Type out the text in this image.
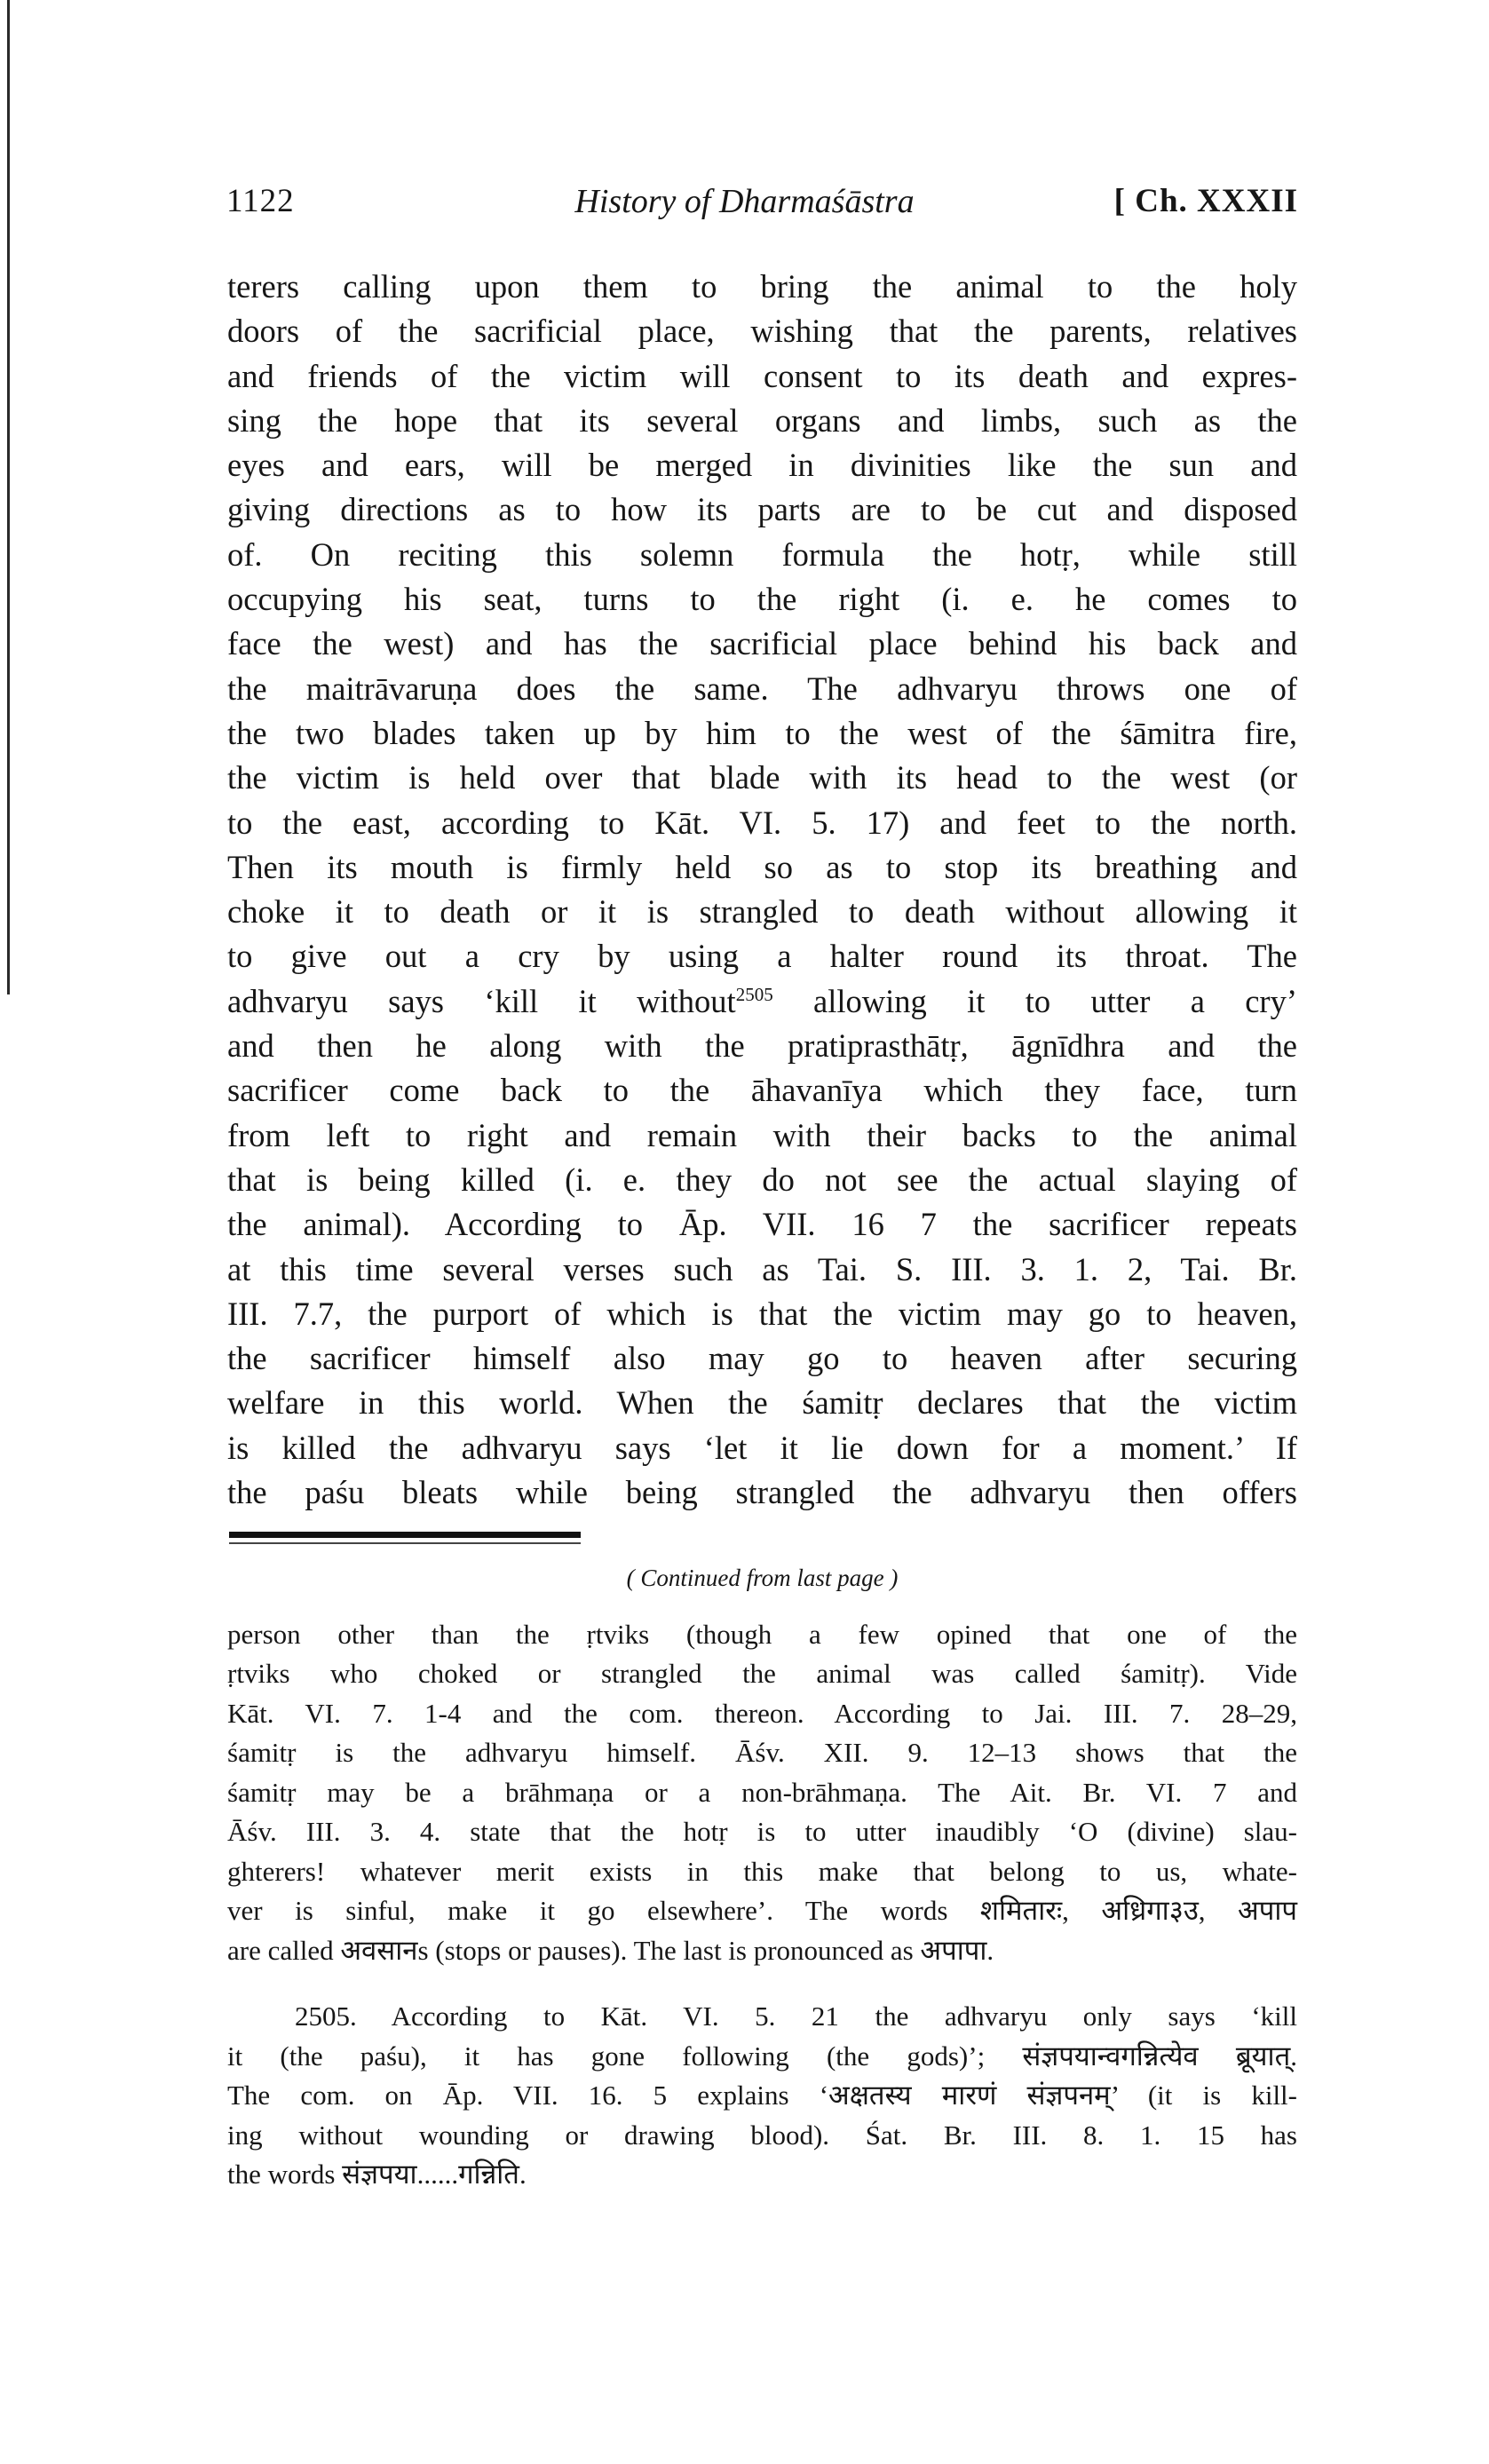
1122	History of Dharmaśāstra	[ Ch. XXXII
terers calling upon them to bring the animal to the holy
doors of the sacrificial place, wishing that the parents, relatives
and friends of the victim will consent to its death and expres-
sing the hope that its several organs and limbs, such as the
eyes and ears, will be merged in divinities like the sun and
giving directions as to how its parts are to be cut and disposed
of. On reciting this solemn formula the hotṛ, while still
occupying his seat, turns to the right (i. e. he comes to
face the west) and has the sacrificial place behind his back and
the maitrāvaruṇa does the same. The adhvaryu throws one of
the two blades taken up by him to the west of the śāmitra fire,
the victim is held over that blade with its head to the west (or
to the east, according to Kāt. VI. 5. 17) and feet to the north.
Then its mouth is firmly held so as to stop its breathing and
choke it to death or it is strangled to death without allowing it
to give out a cry by using a halter round its throat. The
adhvaryu says ‘kill it without$^{2505}$ allowing it to utter a cry’
and then he along with the pratiprasthātṛ, āgnīdhra and the
sacrificer come back to the āhavanīya which they face, turn
from left to right and remain with their backs to the animal
that is being killed (i. e. they do not see the actual slaying of
the animal). According to Āp. VII. 16 7 the sacrificer repeats
at this time several verses such as Tai. S. III. 3. 1. 2, Tai. Br.
III. 7.7, the purport of which is that the victim may go to heaven,
the sacrificer himself also may go to heaven after securing
welfare in this world. When the śamitṛ declares that the victim
is killed the adhvaryu says ‘let it lie down for a moment.’ If
the paśu bleats while being strangled the adhvaryu then offers
( Continued from last page )
person other than the ṛtviks (though a few opined that one of the
ṛtviks who choked or strangled the animal was called śamitṛ). Vide
Kāt. VI. 7. 1-4 and the com. thereon. According to Jai. III. 7. 28–29,
śamitṛ is the adhvaryu himself. Āśv. XII. 9. 12–13 shows that the
śamitṛ may be a brāhmaṇa or a non-brāhmaṇa. The Ait. Br. VI. 7 and
Āśv. III. 3. 4. state that the hotṛ is to utter inaudibly ‘O (divine) slau-
ghterers! whatever merit exists in this make that belong to us, whate-
ver is sinful, make it go elsewhere’. The words शमितारः, अध्रिगा३उ, अपाप
are called अवसानs (stops or pauses). The last is pronounced as अपापा.
2505. According to Kāt. VI. 5. 21 the adhvaryu only says ‘kill
it (the paśu), it has gone following (the gods)’; संज्ञपयान्वगन्नित्येव ब्रूयात्.
The com. on Āp. VII. 16. 5 explains ‘अक्षतस्य मारणं संज्ञपनम्’ (it is kill-
ing without wounding or drawing blood). Śat. Br. III. 8. 1. 15 has
the words संज्ञपया......गन्निति.
